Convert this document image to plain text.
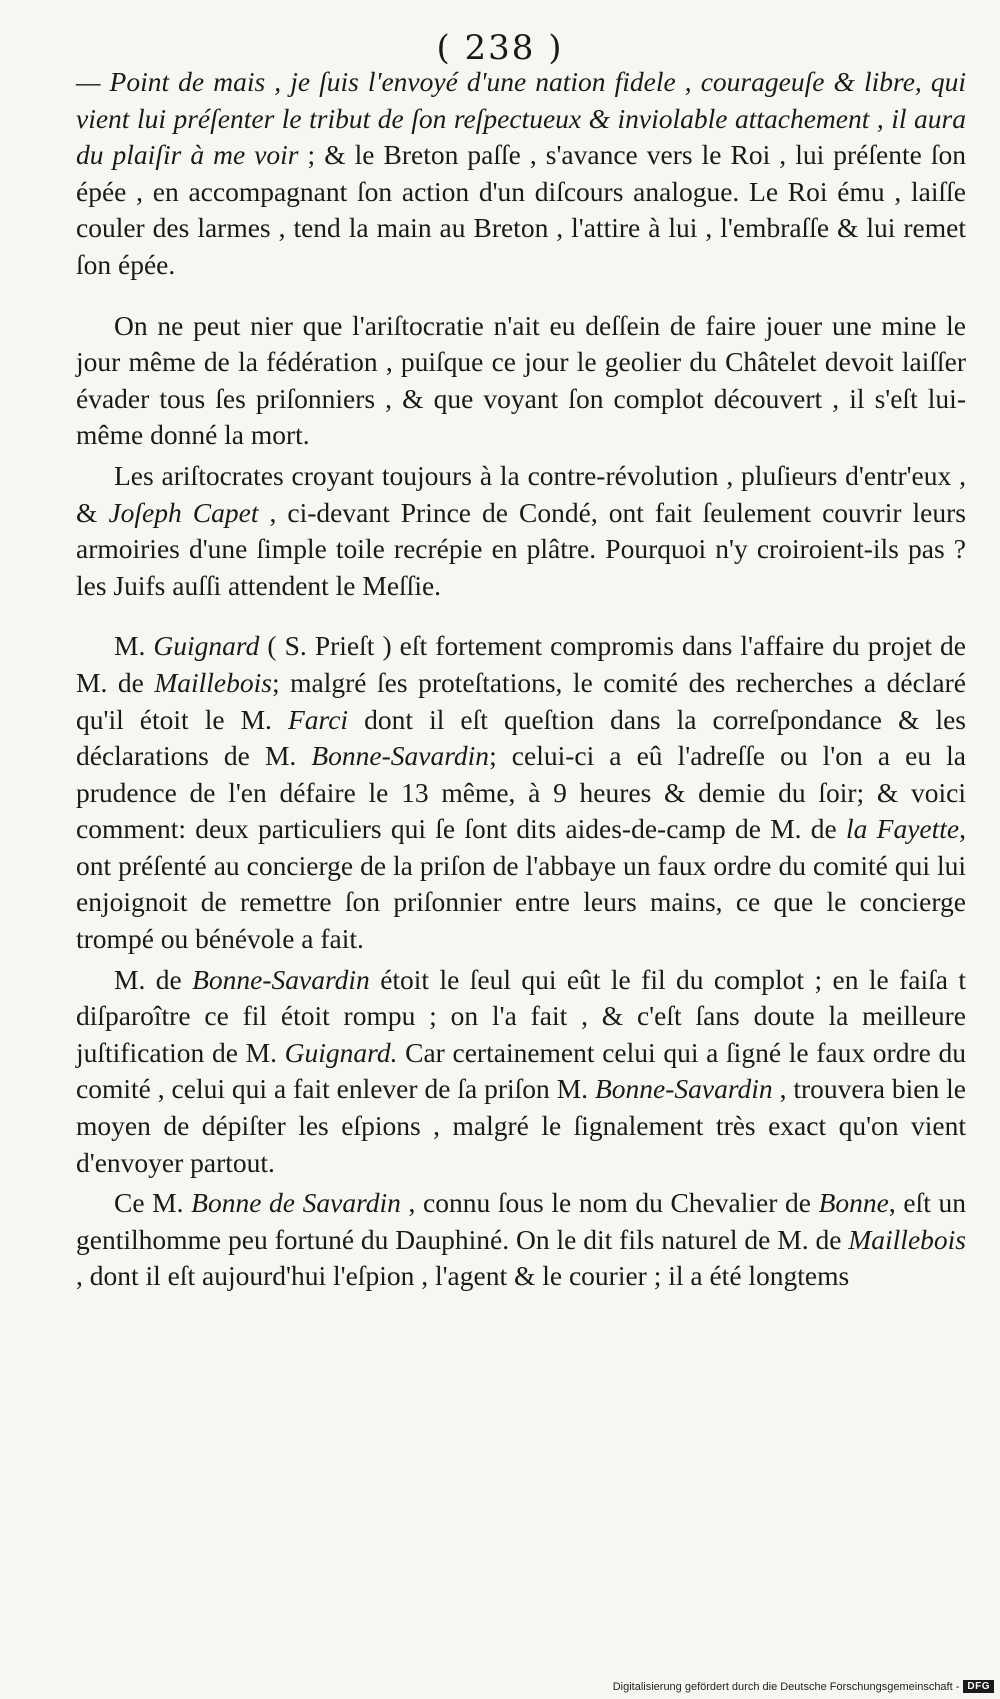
( 238 )

— Point de mais , je ſuis l'envoyé d'une nation fidele , courageuſe & libre, qui vient lui préſenter le tribut de ſon reſpectueux & inviolable attachement , il aura du plaiſir à me voir ; & le Breton paſſe , s'avance vers le Roi , lui préſente ſon épée , en accompagnant ſon action d'un diſcours analogue. Le Roi ému , laiſſe couler des larmes , tend la main au Breton , l'attire à lui , l'embraſſe & lui remet ſon épée.

On ne peut nier que l'ariſtocratie n'ait eu deſſein de faire jouer une mine le jour même de la fédération , puiſque ce jour le geolier du Châtelet devoit laiſſer évader tous ſes priſonniers , & que voyant ſon complot découvert , il s'eſt lui-même donné la mort.

Les ariſtocrates croyant toujours à la contre-révolution , pluſieurs d'entr'eux , & Joſeph Capet , ci-devant Prince de Condé, ont fait ſeulement couvrir leurs armoiries d'une ſimple toile recrépie en plâtre. Pourquoi n'y croiroient-ils pas ? les Juifs auſſi attendent le Meſſie.

M. Guignard ( S. Prieſt ) eſt fortement compromis dans l'affaire du projet de M. de Maillebois; malgré ſes proteſtations, le comité des recherches a déclaré qu'il étoit le M. Farci dont il eſt queſtion dans la correſpondance & les déclarations de M. Bonne-Savardin; celui-ci a eû l'adreſſe ou l'on a eu la prudence de l'en défaire le 13 même, à 9 heures & demie du ſoir; & voici comment: deux particuliers qui ſe ſont dits aides-de-camp de M. de la Fayette, ont préſenté au concierge de la priſon de l'abbaye un faux ordre du comité qui lui enjoignoit de remettre ſon priſonnier entre leurs mains, ce que le concierge trompé ou bénévole a fait.

M. de Bonne-Savardin étoit le ſeul qui eût le fil du complot ; en le faiſa t diſparoître ce fil étoit rompu ; on l'a fait , & c'eſt ſans doute la meilleure juſtification de M. Guignard. Car certainement celui qui a ſigné le faux ordre du comité , celui qui a fait enlever de ſa priſon M. Bonne-Savardin , trouvera bien le moyen de dépiſter les eſpions , malgré le ſignalement très exact qu'on vient d'envoyer partout.

Ce M. Bonne de Savardin , connu ſous le nom du Chevalier de Bonne, eſt un gentilhomme peu fortuné du Dauphiné. On le dit fils naturel de M. de Maillebois , dont il eſt aujourd'hui l'eſpion , l'agent & le courier ; il a été longtems

Digitalisierung gefördert durch die Deutsche Forschungsgemeinschaft - DFG
